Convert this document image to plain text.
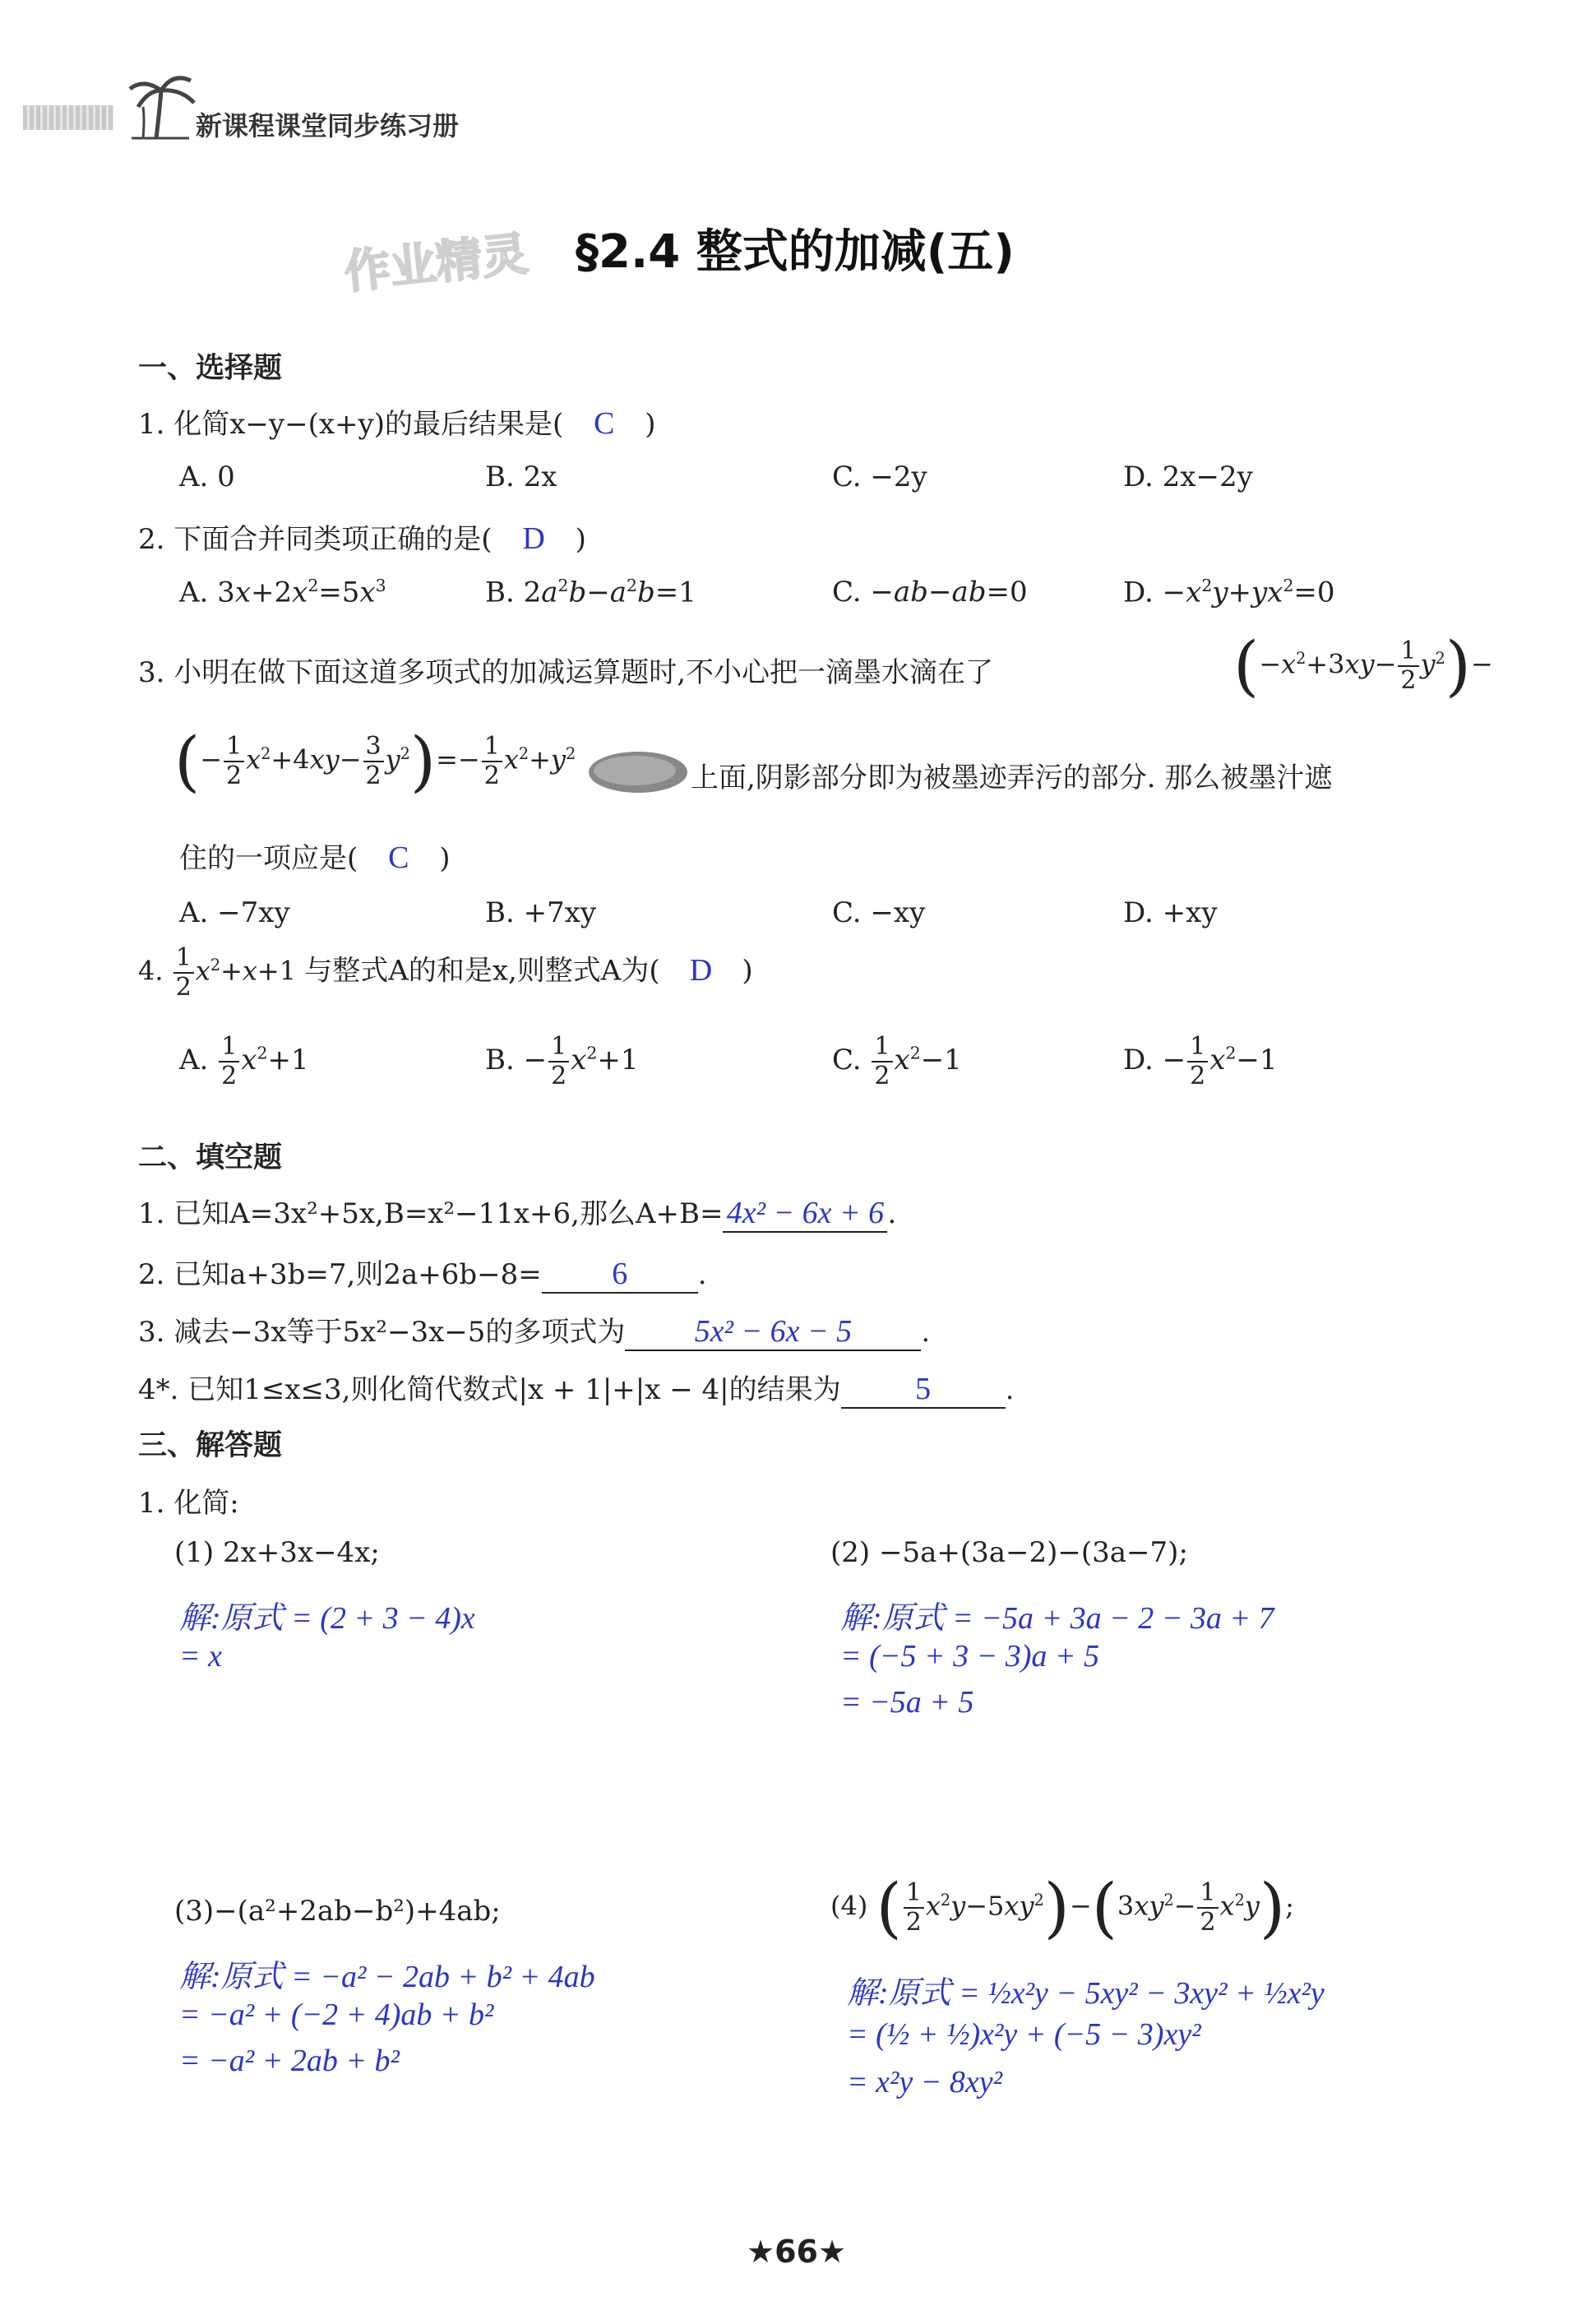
新课程课堂同步练习册
作业精灵 §2.4 整式的加减(五)
一、选择题
1. 化简x−y−(x+y)的最后结果是( C )
A. 0	B. 2x	C. −2y	D. 2x−2y
2. 下面合并同类项正确的是( D )
A. $3x+2x^2=5x^3$	B. $2a^2b-a^2b=1$	C. −ab−ab=0	D. $-x^2y+yx^2=0$
3. 小明在做下面这道多项式的加减运算题时,不小心把一滴墨水滴在了	$(-x^2+3xy- \frac{1}{2} y^2)-$
(− $\frac{1}{2} x^2+4xy- \frac{3}{2} y^2)=- \frac{1}{2} x^2+y^2$
上面,阴影部分即为被墨迹弄污的部分. 那么被墨汁遮
住的一项应是( C )
A. −7xy	B. +7xy	C. −xy	D. +xy
4. $\frac{1}{2} x^2+x+1$ 与整式A的和是x,则整式A为( D )
A. $\frac{1}{2} x^2+1$	B. − $\frac{1}{2} x^2+1$	C. $\frac{1}{2} x^2-1$	D. − $\frac{1}{2} x^2-1$
二、填空题
1. 已知A=3x²+5x,B=x²−11x+6,那么A+B= 4x² − 6x + 6 .
2. 已知a+3b=7,则2a+6b−8= 6	.
3. 减去−3x等于5x²−3x−5的多项式为 5x² − 6x − 5 .
4*. 已知1≤x≤3,则化简代数式|x + 1|+|x − 4|的结果为 5	.
三、解答题
1. 化简:
(1) 2x+3x−4x;
解:原式 = (2 + 3 − 4)x
= x
(2) −5a+(3a−2)−(3a−7);
解:原式 = −5a + 3a − 2 − 3a + 7
= (−5 + 3 − 3)a + 5
= −5a + 5
(3)−(a²+2ab−b²)+4ab;
解:原式 = −a² − 2ab + b² + 4ab
= −a² + (−2 + 4)ab + b²
= −a² + 2ab + b²
(4) ( $\frac{1}{2} x^2y-5xy^2)-(3xy^2- \frac{1}{2} x^2y)$;
解:原式 = ½x²y − 5xy² − 3xy² + ½x²y
= (½ + ½)x²y + (−5 − 3)xy²
= x²y − 8xy²
★66★
